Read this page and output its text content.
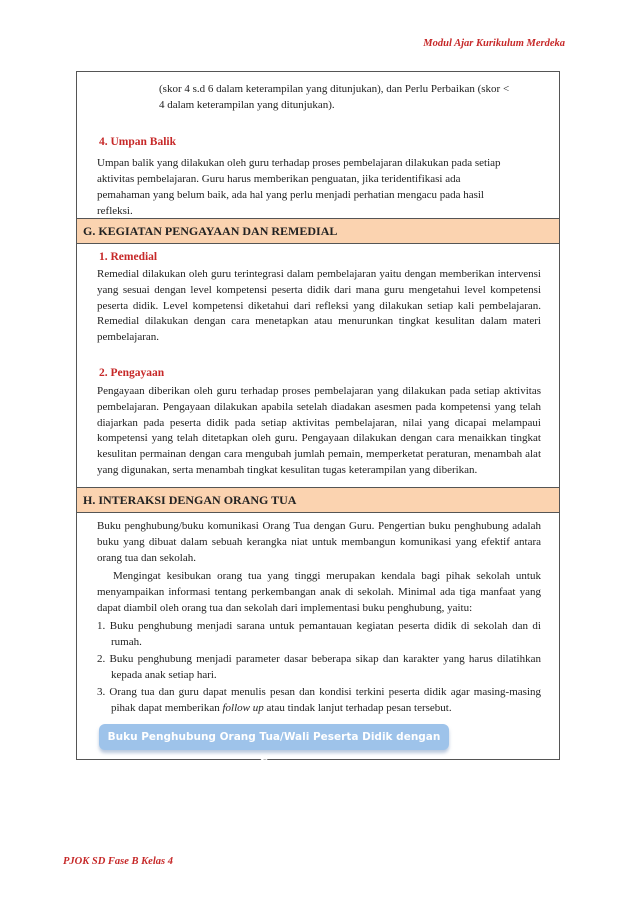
Modul Ajar Kurikulum Merdeka
(skor 4 s.d 6 dalam keterampilan yang ditunjukan), dan Perlu Perbaikan (skor <
4 dalam keterampilan yang ditunjukan).
4. Umpan Balik
Umpan balik yang dilakukan oleh guru terhadap proses pembelajaran dilakukan pada setiap
aktivitas pembelajaran. Guru harus memberikan penguatan, jika teridentifikasi ada
pemahaman yang belum baik, ada hal yang perlu menjadi perhatian mengacu pada hasil
refleksi.
G. KEGIATAN PENGAYAAN DAN REMEDIAL
1. Remedial
Remedial dilakukan oleh guru terintegrasi dalam pembelajaran yaitu dengan memberikan intervensi yang sesuai dengan level kompetensi peserta didik dari mana guru mengetahui level kompetensi peserta didik. Level kompetensi diketahui dari refleksi yang dilakukan setiap kali pembelajaran. Remedial dilakukan dengan cara menetapkan atau menurunkan tingkat kesulitan dalam materi pembelajaran.
2. Pengayaan
Pengayaan diberikan oleh guru terhadap proses pembelajaran yang dilakukan pada setiap aktivitas pembelajaran. Pengayaan dilakukan apabila setelah diadakan asesmen pada kompetensi yang telah diajarkan pada peserta didik pada setiap aktivitas pembelajaran, nilai yang dicapai melampaui kompetensi yang telah ditetapkan oleh guru. Pengayaan dilakukan dengan cara menaikkan tingkat kesulitan permainan dengan cara mengubah jumlah pemain, memperketat peraturan, menambah alat yang digunakan, serta menambah tingkat kesulitan tugas keterampilan yang diberikan.
H. INTERAKSI DENGAN ORANG TUA
Buku penghubung/buku komunikasi Orang Tua dengan Guru. Pengertian buku penghubung adalah buku yang dibuat dalam sebuah kerangka niat untuk membangun komunikasi yang efektif antara orang tua dan sekolah.
Mengingat kesibukan orang tua yang tinggi merupakan kendala bagi pihak sekolah untuk menyampaikan informasi tentang perkembangan anak di sekolah. Minimal ada tiga manfaat yang dapat diambil oleh orang tua dan sekolah dari implementasi buku penghubung, yaitu:
1. Buku penghubung menjadi sarana untuk pemantauan kegiatan peserta didik di sekolah dan di rumah.
2. Buku penghubung menjadi parameter dasar beberapa sikap dan karakter yang harus dilatihkan kepada anak setiap hari.
3. Orang tua dan guru dapat menulis pesan dan kondisi terkini peserta didik agar masing-masing pihak dapat memberikan follow up atau tindak lanjut terhadap pesan tersebut.
Buku Penghubung Orang Tua/Wali Peserta Didik dengan Guru
PJOK SD Fase B Kelas 4
